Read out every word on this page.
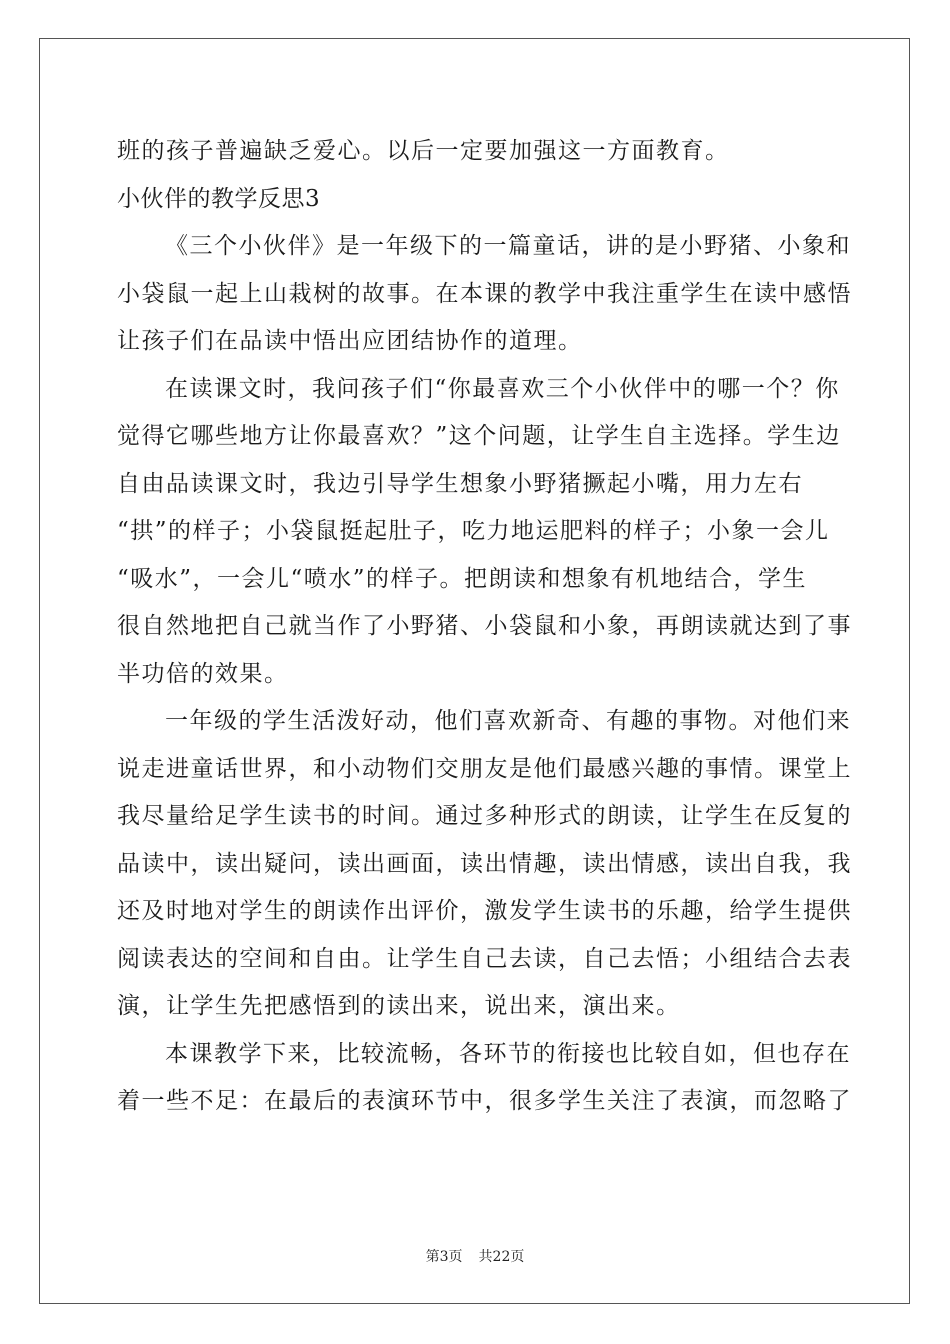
班的孩子普遍缺乏爱心。以后一定要加强这一方面教育。
小伙伴的教学反思3
《三个小伙伴》是一年级下的一篇童话，讲的是小野猪、小象和
小袋鼠一起上山栽树的故事。在本课的教学中我注重学生在读中感悟
让孩子们在品读中悟出应团结协作的道理。
在读课文时，我问孩子们“你最喜欢三个小伙伴中的哪一个？你
觉得它哪些地方让你最喜欢？”这个问题，让学生自主选择。学生边
自由品读课文时，我边引导学生想象小野猪撅起小嘴，用力左右
“拱”的样子；小袋鼠挺起肚子，吃力地运肥料的样子；小象一会儿
“吸水”，一会儿“喷水”的样子。把朗读和想象有机地结合，学生
很自然地把自己就当作了小野猪、小袋鼠和小象，再朗读就达到了事
半功倍的效果。
一年级的学生活泼好动，他们喜欢新奇、有趣的事物。对他们来
说走进童话世界，和小动物们交朋友是他们最感兴趣的事情。课堂上
我尽量给足学生读书的时间。通过多种形式的朗读，让学生在反复的
品读中，读出疑问，读出画面，读出情趣，读出情感，读出自我，我
还及时地对学生的朗读作出评价，激发学生读书的乐趣，给学生提供
阅读表达的空间和自由。让学生自己去读，自己去悟；小组结合去表
演，让学生先把感悟到的读出来，说出来，演出来。
本课教学下来，比较流畅，各环节的衔接也比较自如，但也存在
着一些不足：在最后的表演环节中，很多学生关注了表演，而忽略了
第3页 共22页
